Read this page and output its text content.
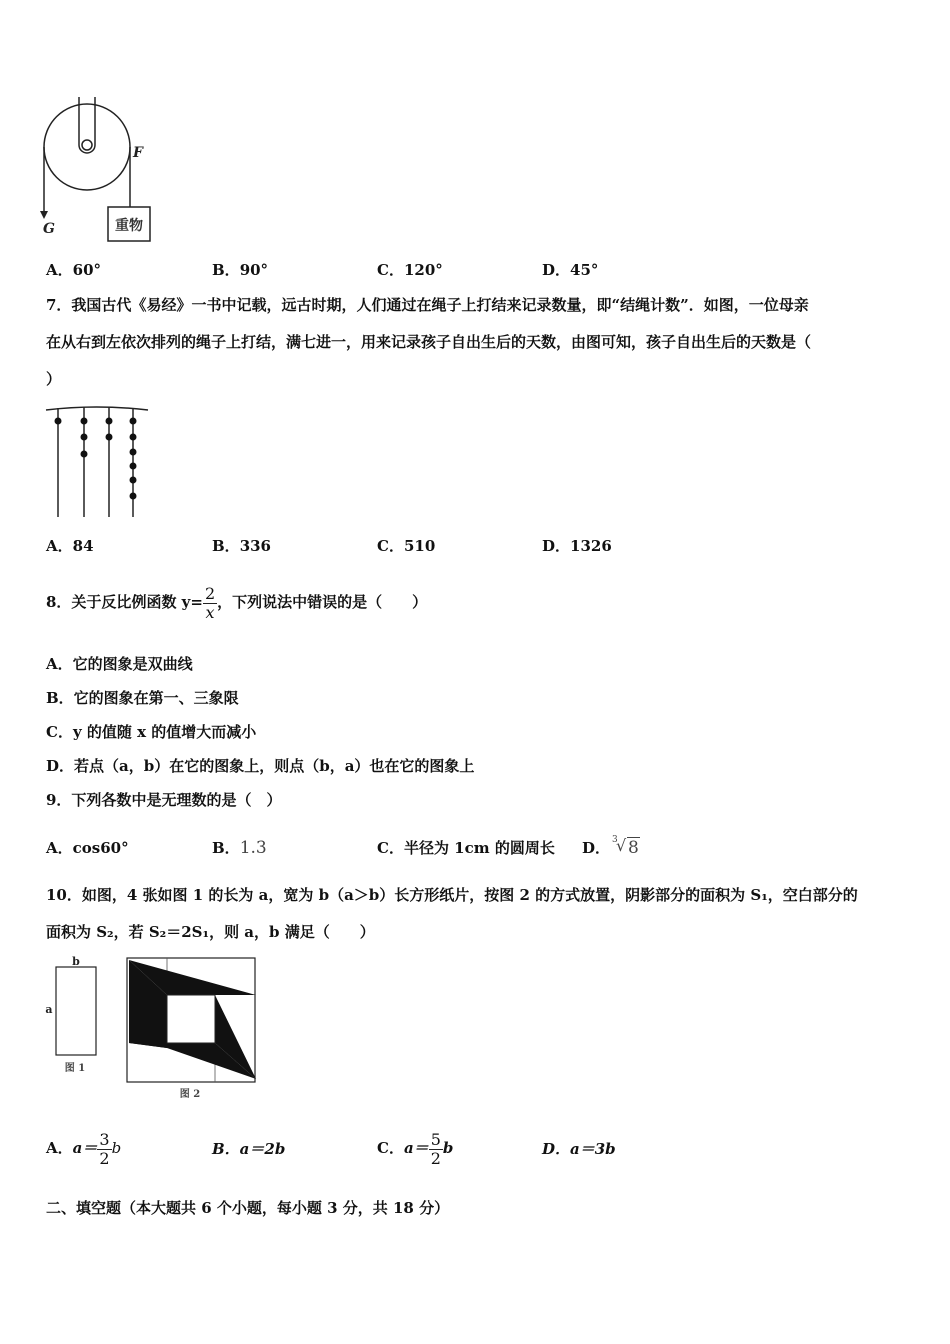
重物
F
G
A．60°	B．90°	C．120°	D．45°
7．我国古代《易经》一书中记载，远古时期，人们通过在绳子上打结来记录数量，即“结绳计数”．如图，一位母亲
在从右到左依次排列的绳子上打结，满七进一，用来记录孩子自出生后的天数，由图可知，孩子自出生后的天数是（
）
A．84	B．336	C．510	D．1326
8．关于反比例函数 $y= \frac{2}{x}$ ，下列说法中错误的是（　　）
A．它的图象是双曲线
B．它的图象在第一、三象限
C．y 的值随 x 的值增大而减小
D．若点（a，b）在它的图象上，则点（b，a）也在它的图象上
9．下列各数中是无理数的是（　）
A．cos60°	B．1.3	C．半径为 1cm 的圆周长 D． 3
√ 8
10．如图，4 张如图 1 的长为 a，宽为 b（a＞b）长方形纸片，按图 2 的方式放置，阴影部分的面积为 S₁，空白部分的
面积为 S₂，若 S₂＝2S₁，则 a，b 满足（　　）
b
a
图 1
图 2
A．$a= \frac{3}{2}$ b	B．a＝2b	C．$a= \frac{5}{2}$ b	D．a＝3b
二、填空题（本大题共 6 个小题，每小题 3 分，共 18 分）
